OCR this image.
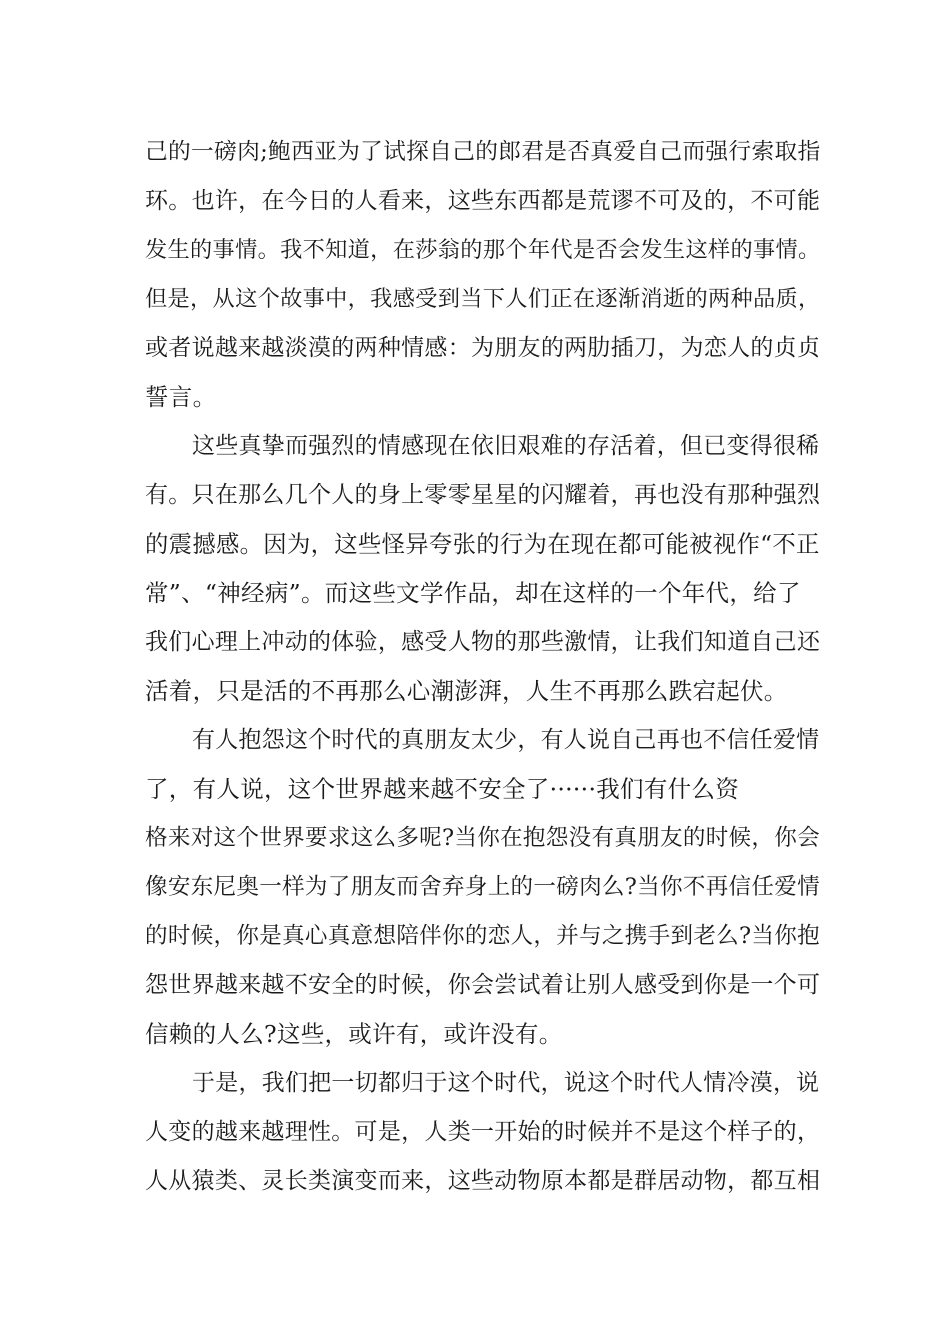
己的一磅肉;鲍西亚为了试探自己的郎君是否真爱自己而强行索取指
环。也许，在今日的人看来，这些东西都是荒谬不可及的，不可能
发生的事情。我不知道，在莎翁的那个年代是否会发生这样的事情。
但是，从这个故事中，我感受到当下人们正在逐渐消逝的两种品质，
或者说越来越淡漠的两种情感：为朋友的两肋插刀，为恋人的贞贞
誓言。
这些真挚而强烈的情感现在依旧艰难的存活着，但已变得很稀
有。只在那么几个人的身上零零星星的闪耀着，再也没有那种强烈
的震撼感。因为，这些怪异夸张的行为在现在都可能被视作“不正
常”、“神经病”。而这些文学作品，却在这样的一个年代，给了
我们心理上冲动的体验，感受人物的那些激情，让我们知道自己还
活着，只是活的不再那么心潮澎湃，人生不再那么跌宕起伏。
有人抱怨这个时代的真朋友太少，有人说自己再也不信任爱情
了，有人说，这个世界越来越不安全了······我们有什么资
格来对这个世界要求这么多呢?当你在抱怨没有真朋友的时候，你会
像安东尼奥一样为了朋友而舍弃身上的一磅肉么?当你不再信任爱情
的时候，你是真心真意想陪伴你的恋人，并与之携手到老么?当你抱
怨世界越来越不安全的时候，你会尝试着让别人感受到你是一个可
信赖的人么?这些，或许有，或许没有。
于是，我们把一切都归于这个时代，说这个时代人情冷漠，说
人变的越来越理性。可是，人类一开始的时候并不是这个样子的，
人从猿类、灵长类演变而来，这些动物原本都是群居动物，都互相
